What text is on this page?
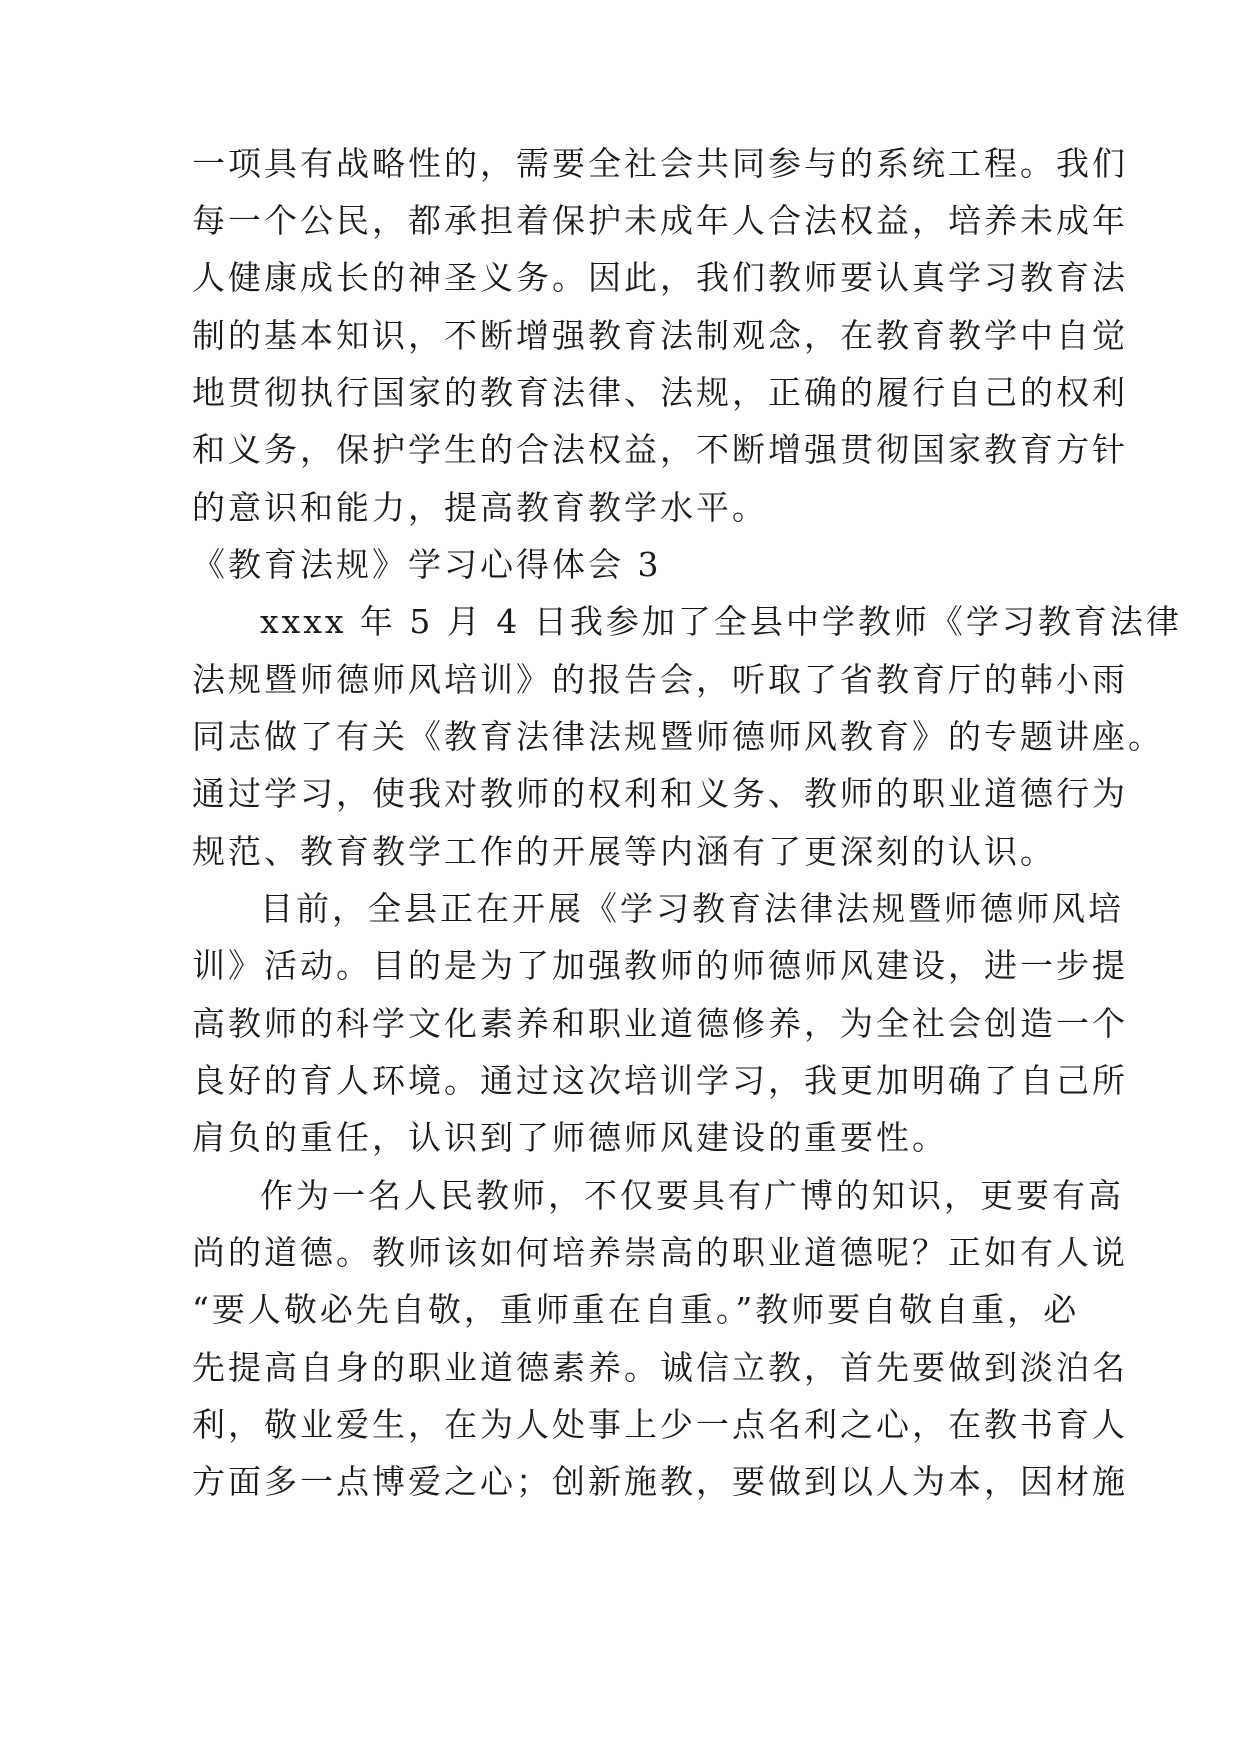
一项具有战略性的，需要全社会共同参与的系统工程。我们
每一个公民，都承担着保护未成年人合法权益，培养未成年
人健康成长的神圣义务。因此，我们教师要认真学习教育法
制的基本知识，不断增强教育法制观念，在教育教学中自觉
地贯彻执行国家的教育法律、法规，正确的履行自己的权利
和义务，保护学生的合法权益，不断增强贯彻国家教育方针
的意识和能力，提高教育教学水平。
《教育法规》学习心得体会 3
xxxx 年 5 月 4 日我参加了全县中学教师《学习教育法律
法规暨师德师风培训》的报告会，听取了省教育厅的韩小雨
同志做了有关《教育法律法规暨师德师风教育》的专题讲座。
通过学习，使我对教师的权利和义务、教师的职业道德行为
规范、教育教学工作的开展等内涵有了更深刻的认识。
目前，全县正在开展《学习教育法律法规暨师德师风培
训》活动。目的是为了加强教师的师德师风建设，进一步提
高教师的科学文化素养和职业道德修养，为全社会创造一个
良好的育人环境。通过这次培训学习，我更加明确了自己所
肩负的重任，认识到了师德师风建设的重要性。
作为一名人民教师，不仅要具有广博的知识，更要有高
尚的道德。教师该如何培养崇高的职业道德呢？正如有人说
“要人敬必先自敬，重师重在自重。”教师要自敬自重，必
先提高自身的职业道德素养。诚信立教，首先要做到淡泊名
利，敬业爱生，在为人处事上少一点名利之心，在教书育人
方面多一点博爱之心；创新施教，要做到以人为本，因材施
